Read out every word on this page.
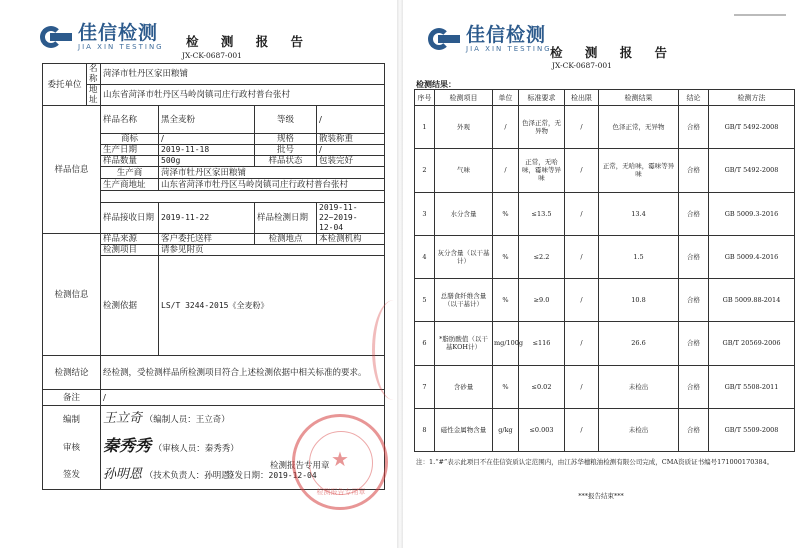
佳信检测
JIA XIN TESTING 检 测 报 告
JX-CK-0687-001
委托单位	名称	菏泽市牡丹区家田粮铺			
	地址	山东省菏泽市牡丹区马岭岗镇司庄行政村普台张村			
样品信息		样品名称	黑全麦粉	等级	/
		商标	/	规格	散装称重
		生产日期	2019-11-18	批号	/
		样品数量	500g	样品状态	包装完好
		生产商	菏泽市牡丹区家田粮铺		
		生产商地址	山东省菏泽市牡丹区马岭岗镇司庄行政村普台张村		

		样品接收日期	2019-11-22	样品检测日期	2019-11-22~2019-
12-04
检测信息		样品来源	客户委托送样	检测地点	本检测机构
		检测项目	请参见附页		
		检测依据	LS/T 3244-2015《全麦粉》		
检测结论		经检测，受检测样品所检测项目符合上述检测依据中相关标准的要求。			
备注		/			
编制		王立奇 （编制人员：王立奇）			
审核		秦秀秀 （审核人员：秦秀秀）			
签发		孙明恩 （技术负责人：孙明恩）			
检测报告专用章
签发日期：2019-12-04
★
检测报告专用章
佳信检测
JIA XIN TESTING
检 测 报 告
JX-CK-0687-001
检测结果：
序号	检测项目	单位	标准要求	检出限	检测结果	结论	检测方法
1	外观	/	色泽正常，无异物	/	色泽正常，无异物	合格	GB/T 5492-2008
2	气味	/	正常，无哈味，霉味等异味	/	正常，无哈味，霉味等异味	合格	GB/T 5492-2008
3	水分含量	%	≤13.5	/	13.4	合格	GB 5009.3-2016
4	灰分含量（以干基计）	%	≤2.2	/	1.5	合格	GB 5009.4-2016
5	总膳食纤维含量（以干基计）	%	≥9.0	/	10.8	合格	GB 5009.88-2014
6	*脂肪酸值（以干基KOH计）	mg/100g	≤116	/	26.6	合格	GB/T 20569-2006
7	含砂量	%	≤0.02	/	未检出	合格	GB/T 5508-2011
8	磁性金属物含量	g/kg	≤0.003	/	未检出	合格	GB/T 5509-2008
注：1.“#”表示此项目不在佳信资质认定范围内，由江苏华穗粮油检测有限公司完成，CMA资质证书编号171000170384。
***报告结束***
